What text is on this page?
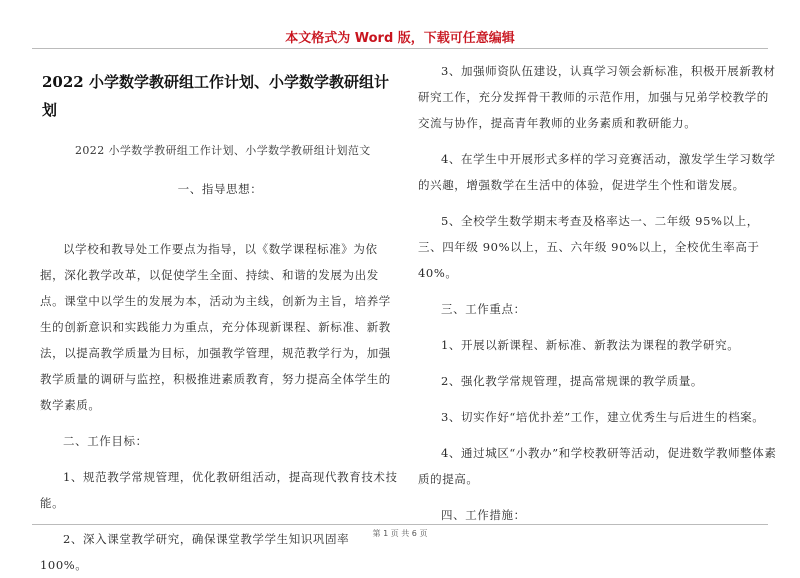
本文格式为 Word 版，下载可任意编辑
2022 小学数学教研组工作计划、小学数学教研组计划
2022 小学数学教研组工作计划、小学数学教研组计划范文
一、指导思想：
以学校和教导处工作要点为指导，以《数学课程标准》为依据，深化教学改革，以促使学生全面、持续、和谐的发展为出发点。课堂中以学生的发展为本，活动为主线，创新为主旨，培养学生的创新意识和实践能力为重点，充分体现新课程、新标准、新教法，以提高教学质量为目标，加强教学管理，规范教学行为，加强教学质量的调研与监控，积极推进素质教育，努力提高全体学生的数学素质。
二、工作目标：
1、规范教学常规管理，优化教研组活动，提高现代教育技术技能。
2、深入课堂教学研究，确保课堂教学学生知识巩固率 100%。
3、加强师资队伍建设，认真学习领会新标准，积极开展新教材研究工作，充分发挥骨干教师的示范作用，加强与兄弟学校教学的交流与协作，提高青年教师的业务素质和教研能力。
4、在学生中开展形式多样的学习竞赛活动，激发学生学习数学的兴趣，增强数学在生活中的体验，促进学生个性和谐发展。
5、全校学生数学期末考查及格率达一、二年级 95%以上，三、四年级 90%以上，五、六年级 90%以上，全校优生率高于 40%。
三、工作重点：
1、开展以新课程、新标准、新教法为课程的教学研究。
2、强化教学常规管理，提高常规课的教学质量。
3、切实作好“培优扑差”工作，建立优秀生与后进生的档案。
4、通过城区“小教办”和学校教研等活动，促进数学教师整体素质的提高。
四、工作措施：
第 1 页 共 6 页
